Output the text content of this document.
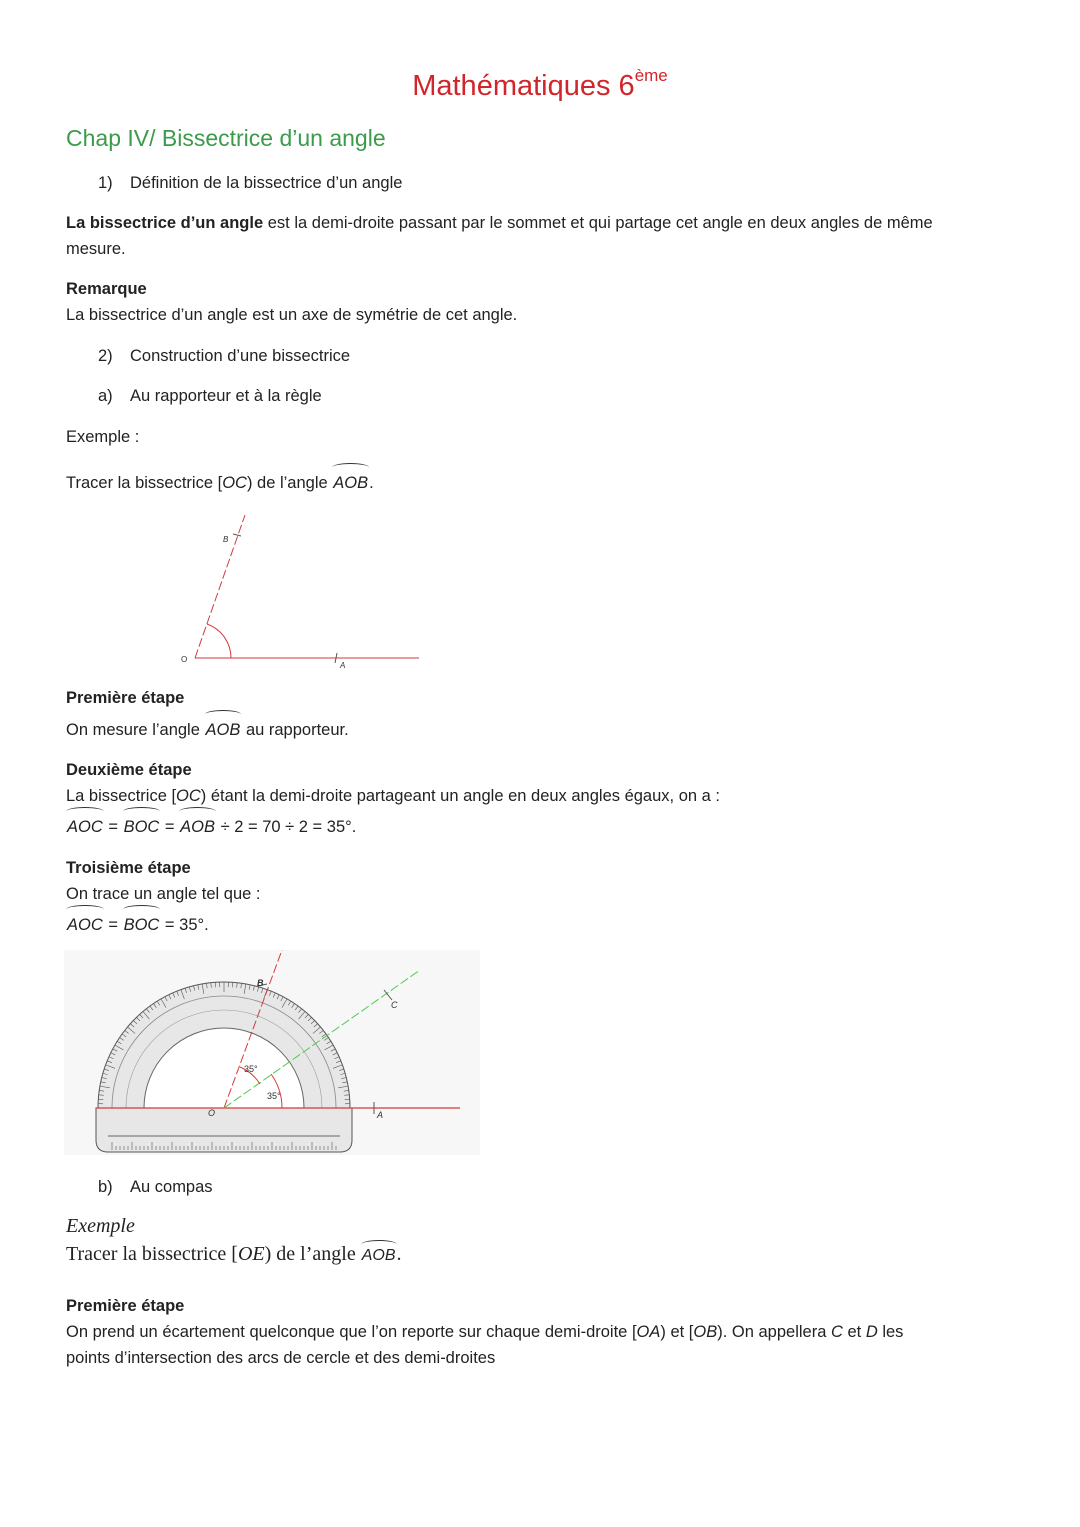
Mathématiques 6ème
Chap IV/ Bissectrice d’un angle
1) Définition de la bissectrice d’un angle
La bissectrice d’un angle est la demi-droite passant par le sommet et qui partage cet angle en deux angles de même
mesure.
Remarque
La bissectrice d’un angle est un axe de symétrie de cet angle.
2) Construction d’une bissectrice
a) Au rapporteur et à la règle
Exemple :
Tracer la bissectrice [OC) de l’angle AOB.
O
A
B
Première étape
On mesure l’angle AOB au rapporteur.
Deuxième étape
La bissectrice [OC) étant la demi-droite partageant un angle en deux angles égaux, on a :
AOC = BOC = AOB ÷ 2 = 70 ÷ 2 = 35°.
Troisième étape
On trace un angle tel que :
AOC = BOC = 35°.
O	A
B
C
35°
35°
b) Au compas
Exemple
Tracer la bissectrice [OE) de l’angle AOB.
Première étape
On prend un écartement quelconque que l’on reporte sur chaque demi-droite [OA) et [OB). On appellera C et D les
points d’intersection des arcs de cercle et des demi-droites
